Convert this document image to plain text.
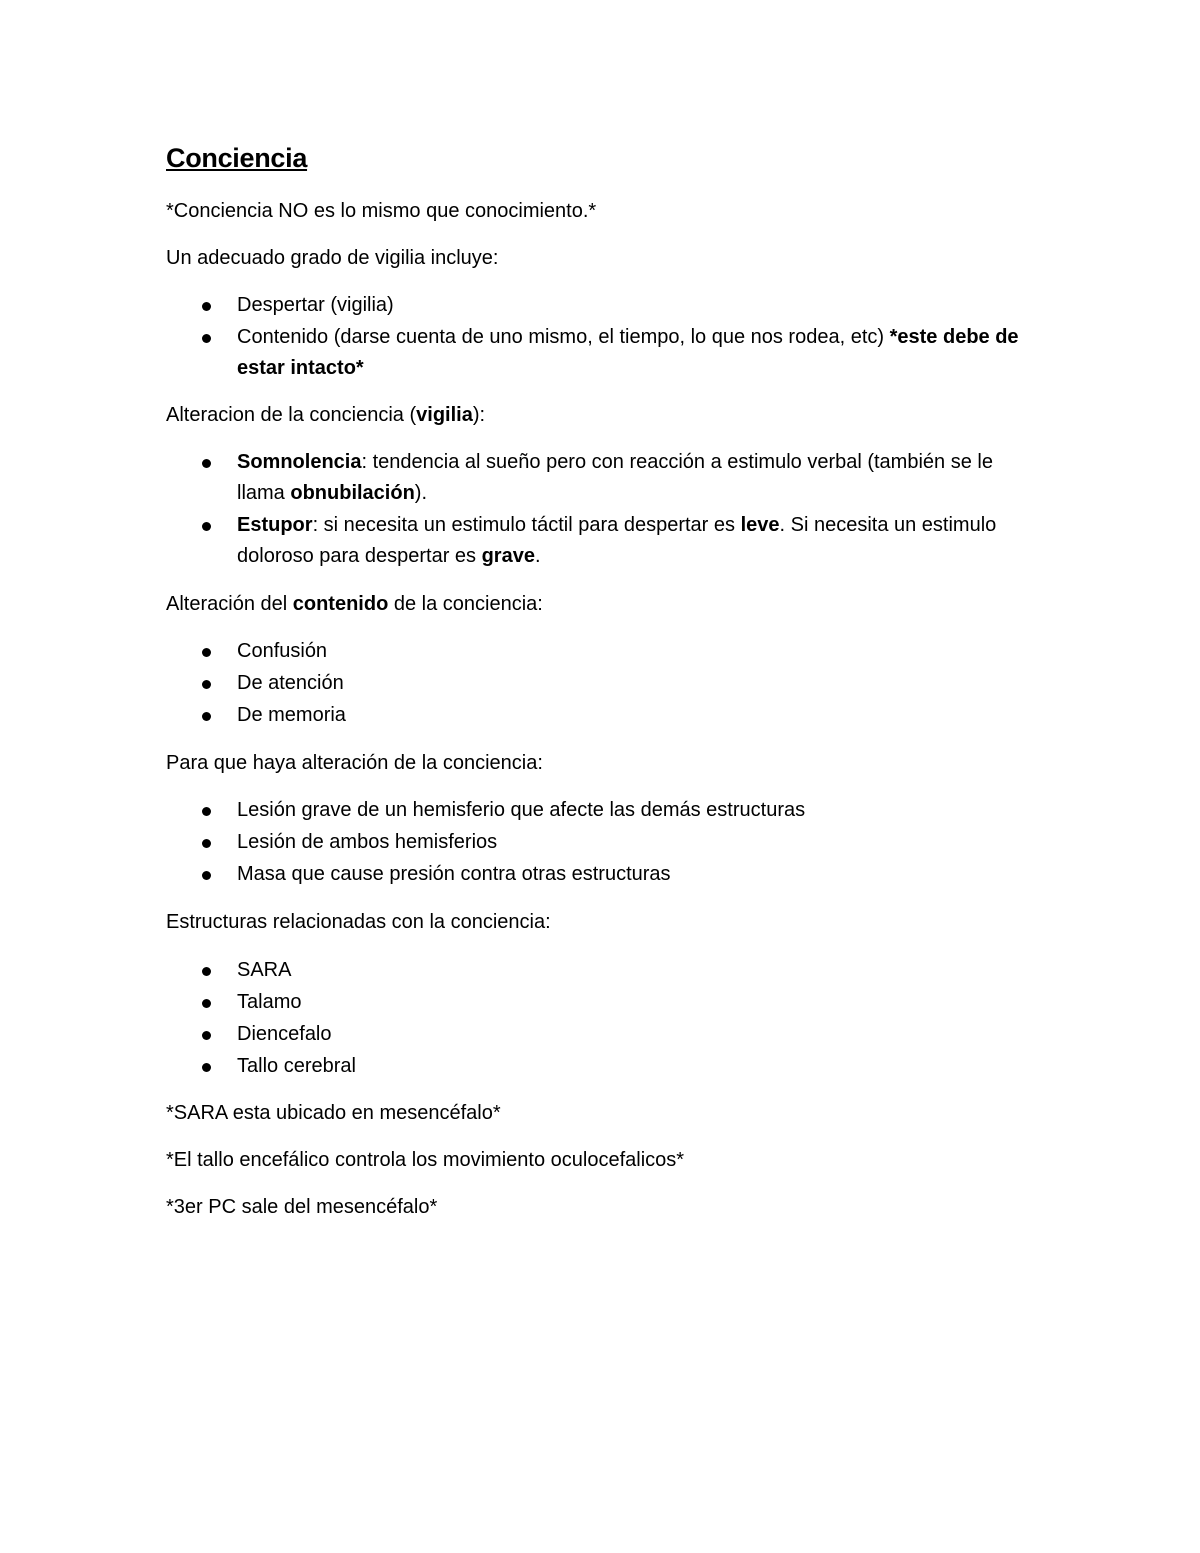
Conciencia

*Conciencia NO es lo mismo que conocimiento.*

Un adecuado grado de vigilia incluye:

Despertar (vigilia)
Contenido (darse cuenta de uno mismo, el tiempo, lo que nos rodea, etc) *este debe de estar intacto*

Alteracion de la conciencia (vigilia):

Somnolencia: tendencia al sueño pero con reacción a estimulo verbal (también se le llama obnubilación).
Estupor: si necesita un estimulo táctil para despertar es leve. Si necesita un estimulo doloroso para despertar es grave.

Alteración del contenido de la conciencia:

Confusión
De atención
De memoria

Para que haya alteración de la conciencia:

Lesión grave de un hemisferio que afecte las demás estructuras
Lesión de ambos hemisferios
Masa que cause presión contra otras estructuras

Estructuras relacionadas con la conciencia:

SARA
Talamo
Diencefalo
Tallo cerebral

*SARA esta ubicado en mesencéfalo*

*El tallo encefálico controla los movimiento oculocefalicos*

*3er PC sale del mesencéfalo*
